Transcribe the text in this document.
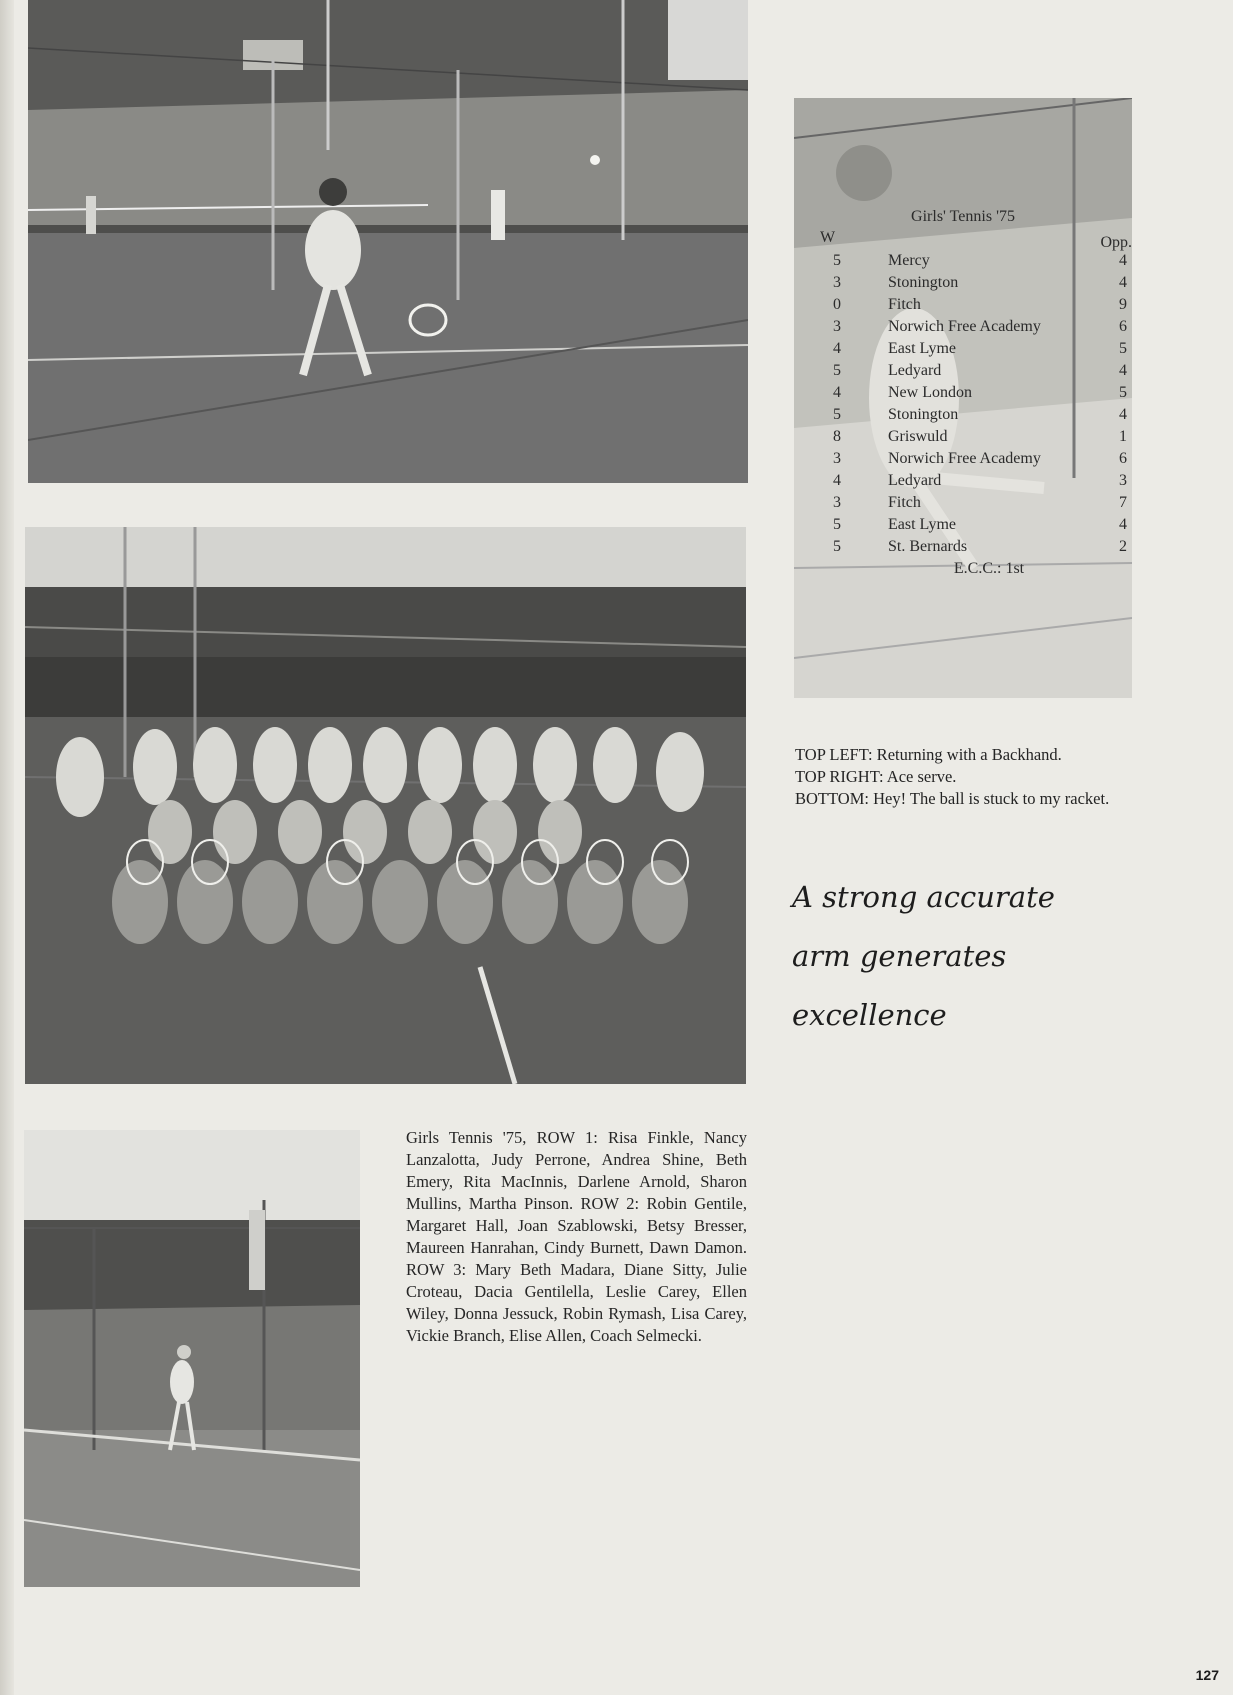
Girls' Tennis '75
W	Opp.
5	Mercy	4
3	Stonington	4
0	Fitch	9
3	Norwich Free Academy	6
4	East Lyme	5
5	Ledyard	4
4	New London	5
5	Stonington	4
8	Griswuld	1
3	Norwich Free Academy	6
4	Ledyard	3
3	Fitch	7
5	East Lyme	4
5	St. Bernards	2
E.C.C.: 1st
TOP LEFT: Returning with a Backhand.
TOP RIGHT: Ace serve.
BOTTOM: Hey! The ball is stuck to my racket.
A strong accurate
arm generates
excellence
Girls Tennis '75, ROW 1: Risa Finkle, Nancy Lanzalotta, Judy Perrone, Andrea Shine, Beth Emery, Rita MacInnis, Darlene Arnold, Sharon Mullins, Martha Pinson. ROW 2: Robin Gentile, Margaret Hall, Joan Szablowski, Betsy Bresser, Maureen Hanrahan, Cindy Burnett, Dawn Damon. ROW 3: Mary Beth Madara, Diane Sitty, Julie Croteau, Dacia Gentilella, Leslie Carey, Ellen Wiley, Donna Jessuck, Robin Rymash, Lisa Carey, Vickie Branch, Elise Allen, Coach Selmecki.
127
